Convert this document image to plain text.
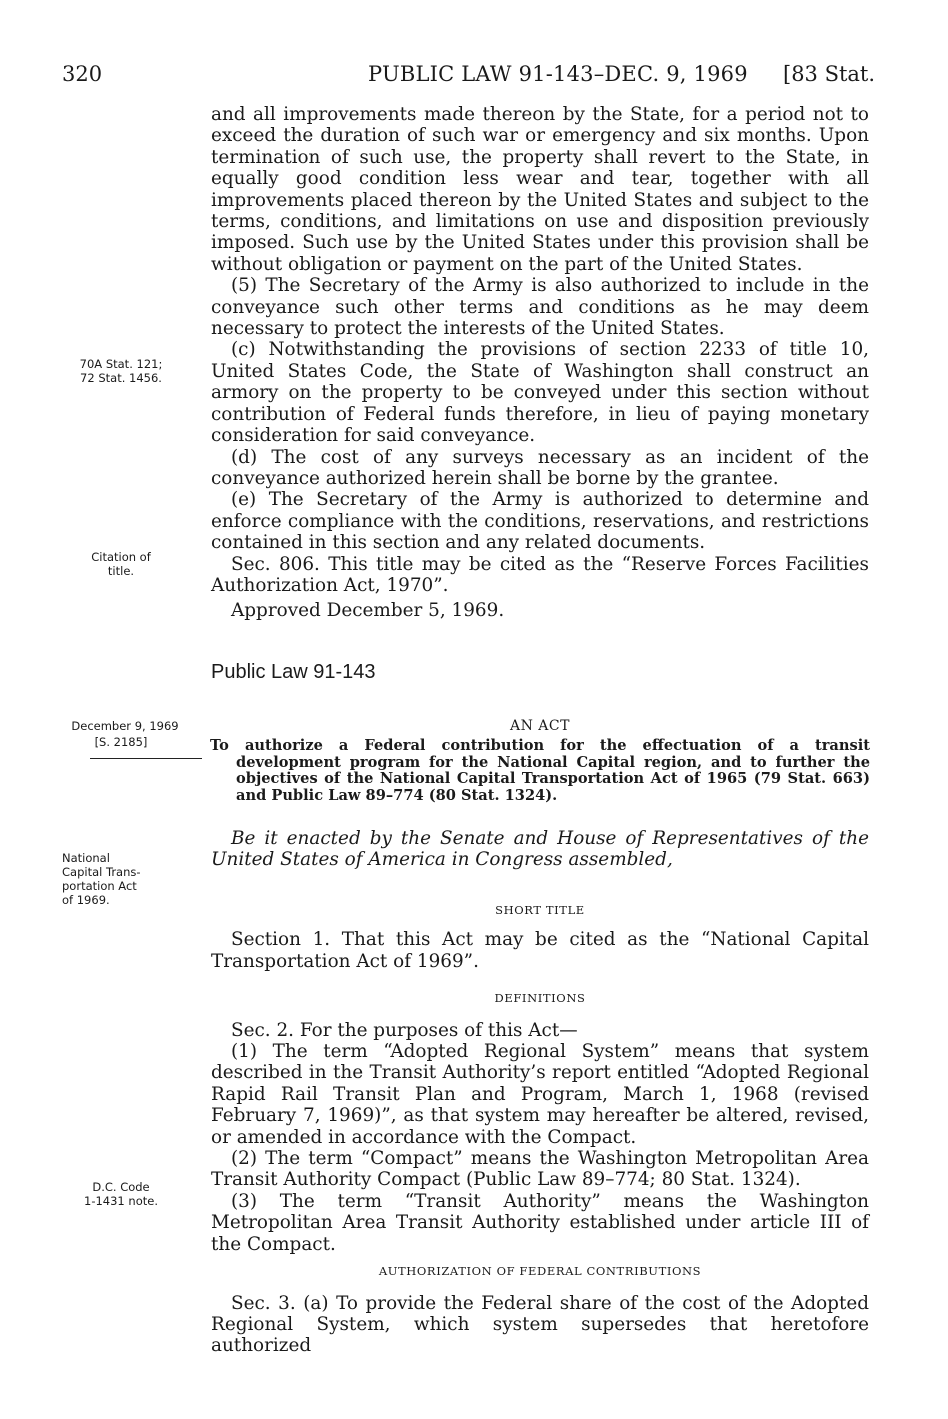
320	PUBLIC LAW 91-143–DEC. 9, 1969 [83 Stat.

and all improvements made thereon by the State, for a period not to exceed the duration of such war or emergency and six months. Upon termination of such use, the property shall revert to the State, in equally good condition less wear and tear, together with all improvements placed thereon by the United States and subject to the terms, conditions, and limitations on use and disposition previously imposed. Such use by the United States under this provision shall be without obligation or payment on the part of the United States.

(5) The Secretary of the Army is also authorized to include in the conveyance such other terms and conditions as he may deem necessary to protect the interests of the United States.

(c) Notwithstanding the provisions of section 2233 of title 10, United States Code, the State of Washington shall construct an armory on the property to be conveyed under this section without contribution of Federal funds therefore, in lieu of paying monetary consideration for said conveyance.

(d) The cost of any surveys necessary as an incident of the conveyance authorized herein shall be borne by the grantee.

(e) The Secretary of the Army is authorized to determine and enforce compliance with the conditions, reservations, and restrictions contained in this section and any related documents.

Sec. 806. This title may be cited as the “Reserve Forces Facilities Authorization Act, 1970”.

Approved December 5, 1969.

70A Stat. 121;
72 Stat. 1456.
Citation of
title.
Public Law 91-143
December 9, 1969
[S. 2185]
AN ACT
To authorize a Federal contribution for the effectuation of a transit development program for the National Capital region, and to further the objectives of the National Capital Transportation Act of 1965 (79 Stat. 663) and Public Law 89–774 (80 Stat. 1324).
Be it enacted by the Senate and House of Representatives of the United States of America in Congress assembled,
National
Capital Trans-
portation Act
of 1969.
SHORT TITLE

Section 1. That this Act may be cited as the “National Capital Transportation Act of 1969”.

DEFINITIONS

Sec. 2. For the purposes of this Act—

(1) The term “Adopted Regional System” means that system described in the Transit Authority’s report entitled “Adopted Regional Rapid Rail Transit Plan and Program, March 1, 1968 (revised February 7, 1969)”, as that system may hereafter be altered, revised, or amended in accordance with the Compact.

(2) The term “Compact” means the Washington Metropolitan Area Transit Authority Compact (Public Law 89–774; 80 Stat. 1324).

(3) The term “Transit Authority” means the Washington Metropolitan Area Transit Authority established under article III of the Compact.

AUTHORIZATION OF FEDERAL CONTRIBUTIONS

Sec. 3. (a) To provide the Federal share of the cost of the Adopted Regional System, which system supersedes that heretofore authorized

D.C. Code
1-1431 note.
